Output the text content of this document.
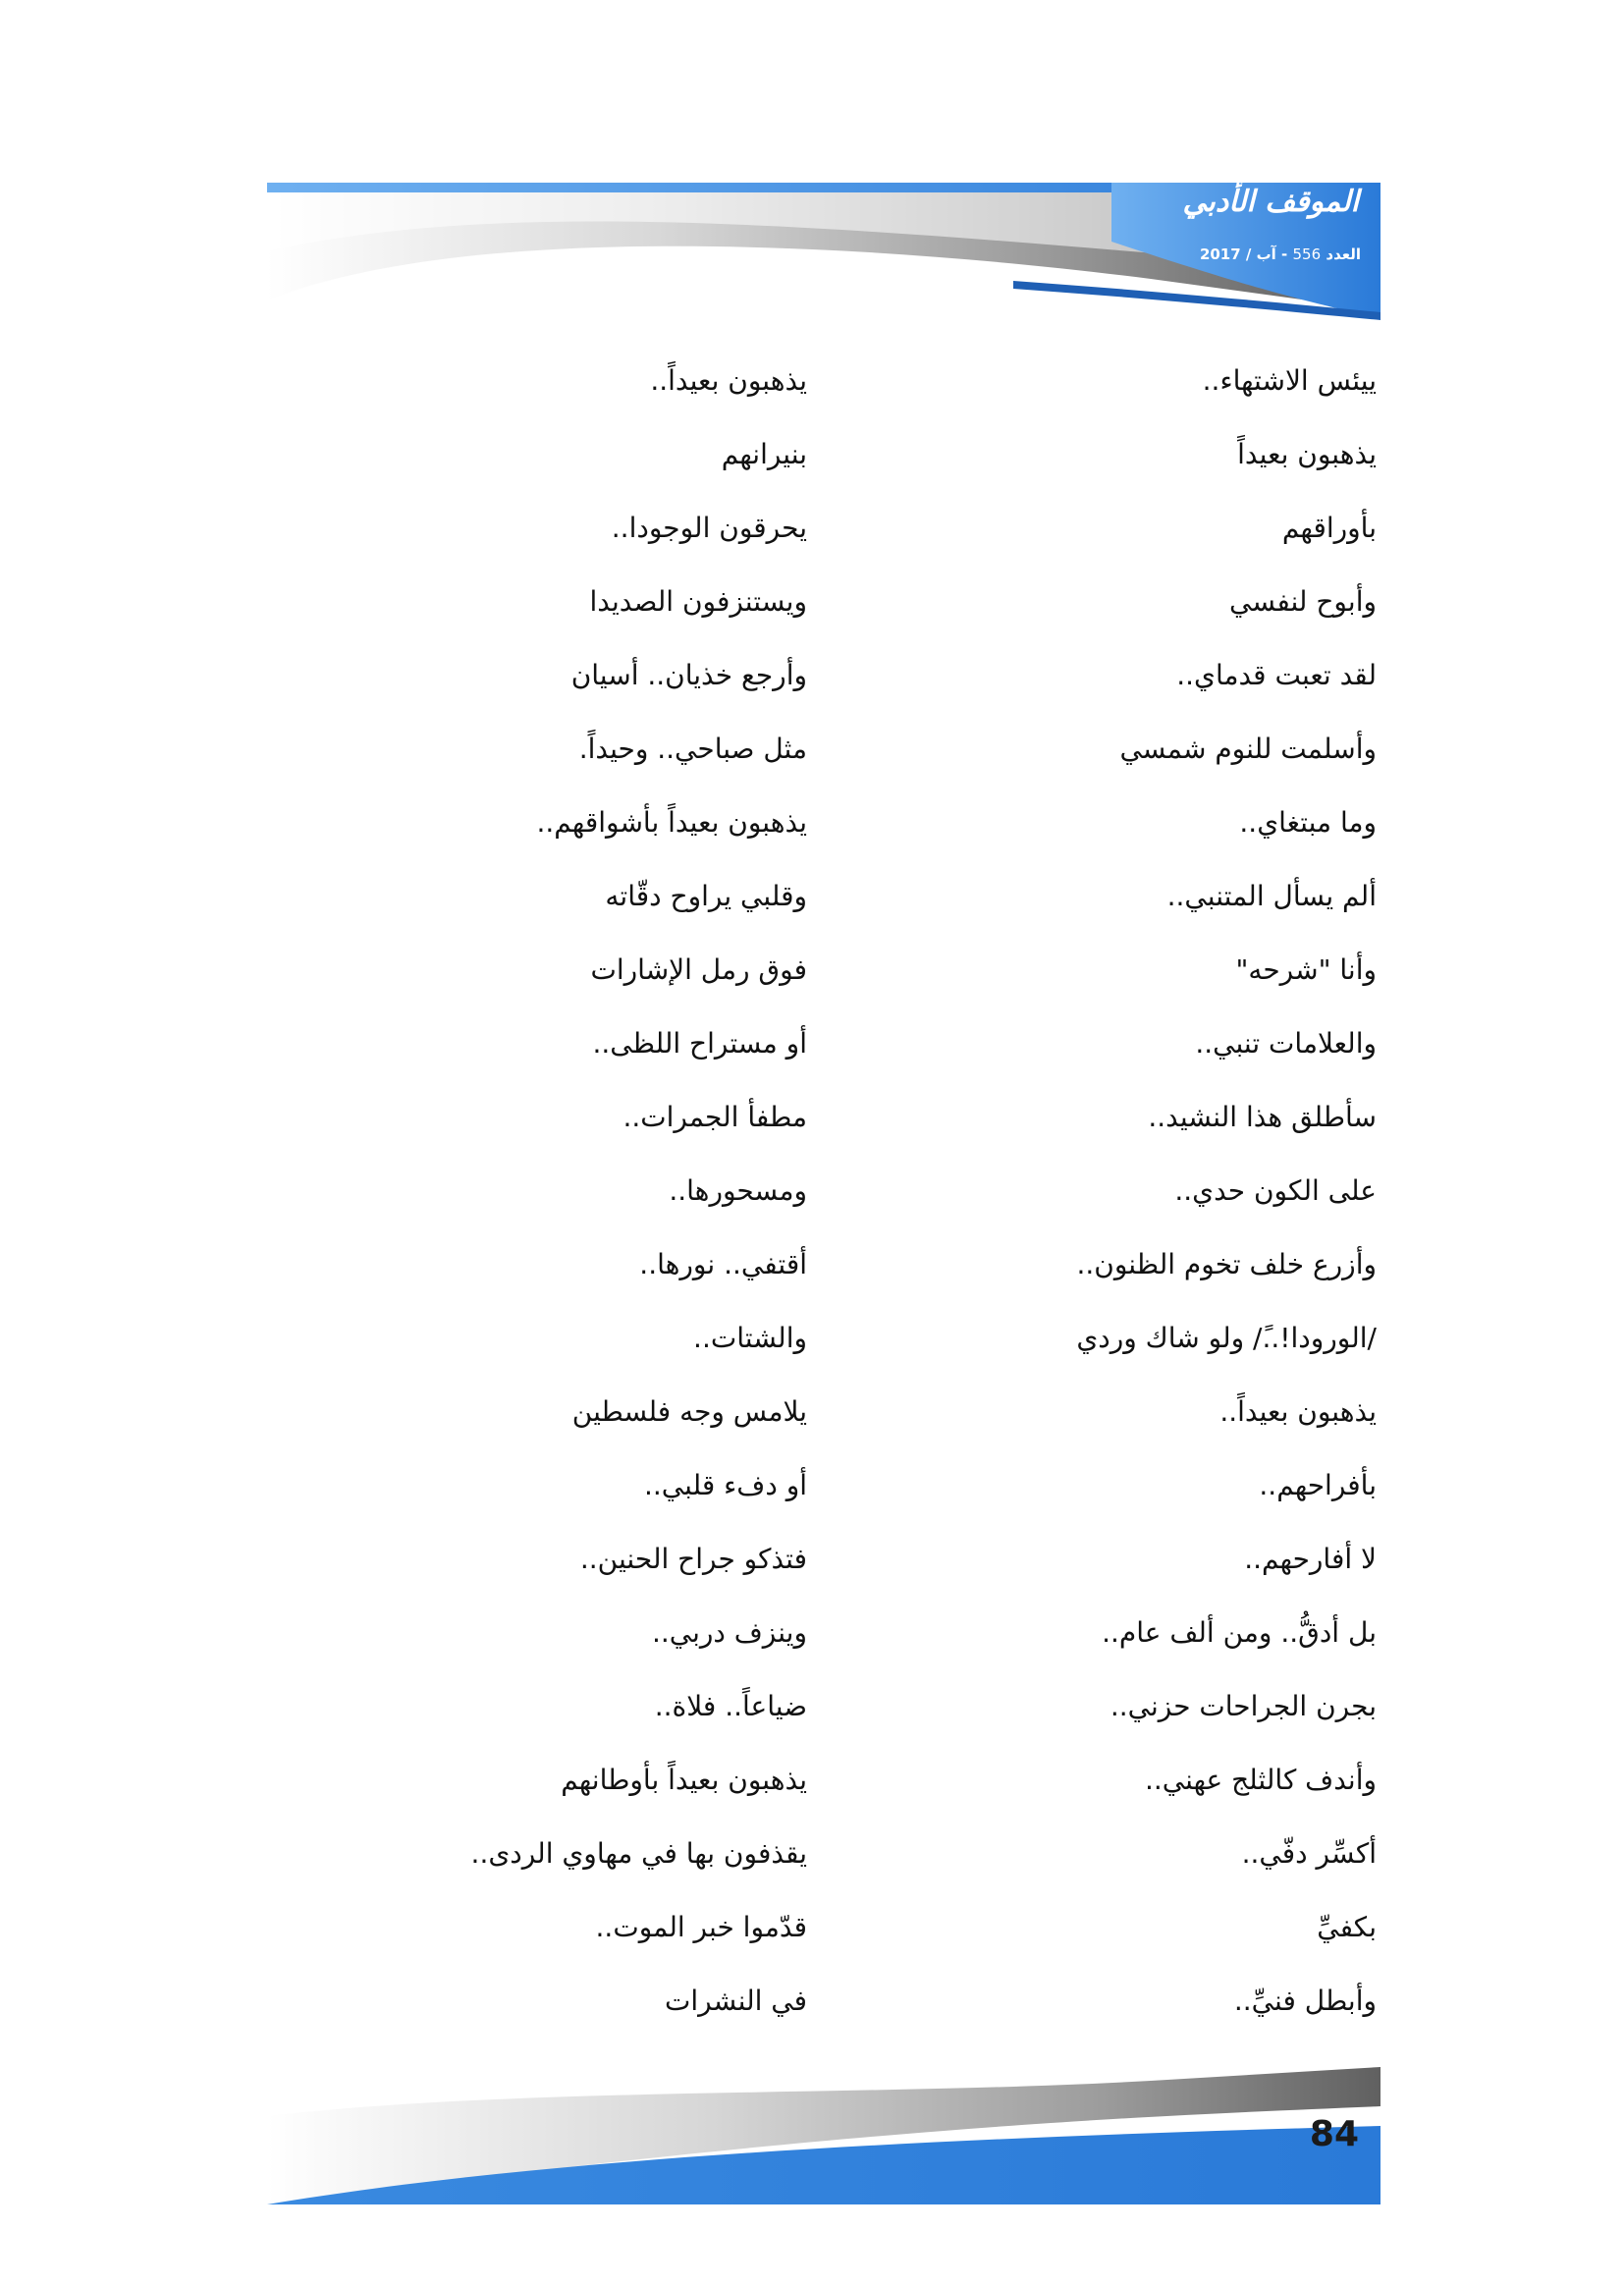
الموقف الأدبي
العدد 556 - آب / 2017
ييئس الاشتهاء..
يذهبون بعيداً
بأوراقهم
وأبوح لنفسي
لقد تعبت قدماي..
وأسلمت للنوم شمسي
وما مبتغاي..
ألم يسأل المتنبي..
وأنا "شرحه"
والعلامات تنبي..
سأطلق هذا النشيد..
على الكون حدي..
وأزرع خلف تخوم الظنون..
/الورودا!..ً/ ولو شاك وردي
يذهبون بعيداً..
بأفراحهم..
لا أفارحهم..
بل أدقُّ.. ومن ألف عام..
بجرن الجراحات حزني..
وأندف كالثلج عهني..
أكسِّر دفّي..
بكفيِّ
وأبطل فنيِّ..
يذهبون بعيداً..
بنيرانهم
يحرقون الوجودا..
ويستنزفون الصديدا
وأرجع خذيان.. أسيان
مثل صباحي.. وحيداً.
يذهبون بعيداً بأشواقهم..
وقلبي يراوح دقّاته
فوق رمل الإشارات
أو مستراح اللظى..
مطفأ الجمرات..
ومسحورها..
أقتفي.. نورها..
والشتات..
يلامس وجه فلسطين
أو دفء قلبي..
فتذكو جراح الحنين..
وينزف دربي..
ضياعاً.. فلاة..
يذهبون بعيداً بأوطانهم
يقذفون بها في مهاوي الردى..
قدّموا خبر الموت..
في النشرات
84
